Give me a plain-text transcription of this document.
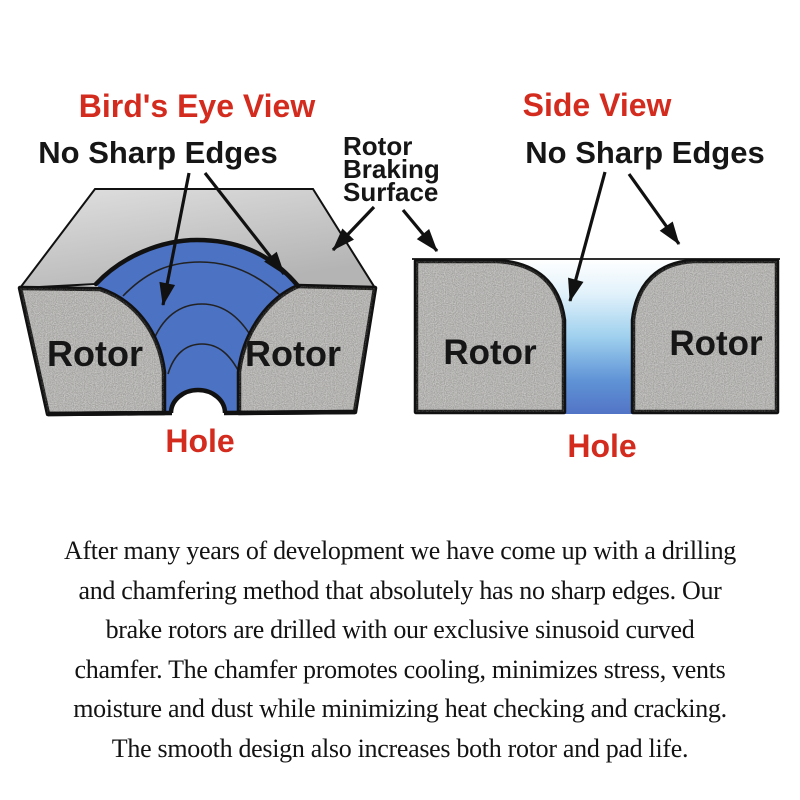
Bird's Eye View	Side View
No Sharp Edges	No Sharp Edges
Rotor
Braking
Surface
Rotor	Rotor	Rotor	Rotor
Hole	Hole
After many years of development we have come up with a drilling
and chamfering method that absolutely has no sharp edges. Our
brake rotors are drilled with our exclusive sinusoid curved
chamfer. The chamfer promotes cooling, minimizes stress, vents
moisture and dust while minimizing heat checking and cracking.
The smooth design also increases both rotor and pad life.
